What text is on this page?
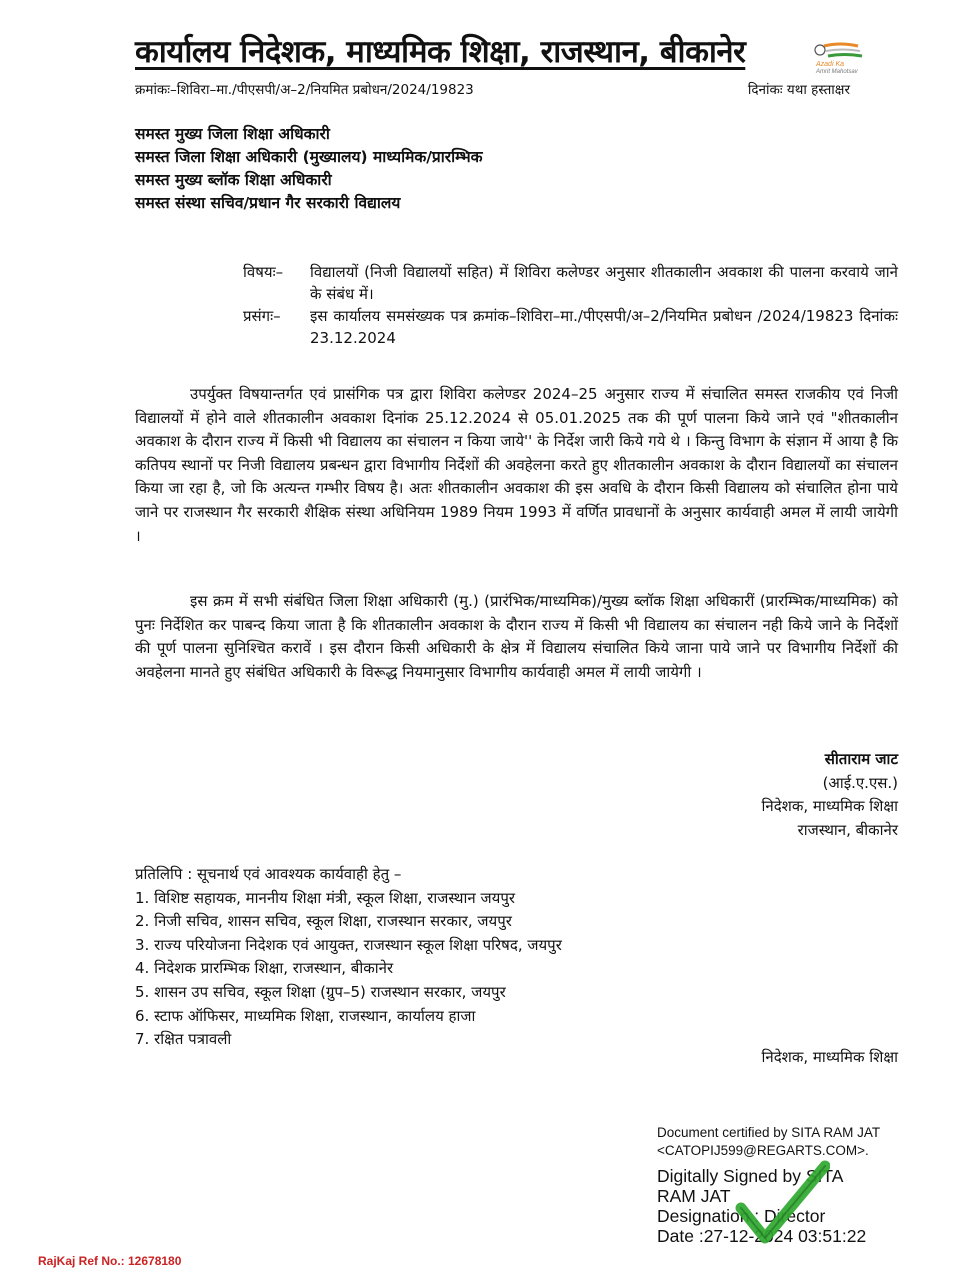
कार्यालय निदेशक, माध्यमिक शिक्षा, राजस्थान, बीकानेर	Azadi Ka
Amrit Mahotsav
क्रमांकः–शिविरा–मा./पीएसपी/अ–2/नियमित प्रबोधन/2024/19823	दिनांकः यथा हस्ताक्षर
समस्त मुख्य जिला शिक्षा अधिकारी
समस्त जिला शिक्षा अधिकारी (मुख्यालय) माध्यमिक/प्रारम्भिक
समस्त मुख्य ब्लॉक शिक्षा अधिकारी
समस्त संस्था सचिव/प्रधान गैर सरकारी विद्यालय
विषयः–	विद्यालयों (निजी विद्यालयों सहित) में शिविरा कलेण्डर अनुसार शीतकालीन अवकाश की पालना करवाये जाने के संबंध में।
प्रसंगः–	इस कार्यालय समसंख्यक पत्र क्रमांक–शिविरा–मा./पीएसपी/अ–2/नियमित प्रबोधन /2024/19823 दिनांकः 23.12.2024
उपर्युक्त विषयान्तर्गत एवं प्रासंगिक पत्र द्वारा शिविरा कलेण्डर 2024–25 अनुसार राज्य में संचालित समस्त राजकीय एवं निजी विद्यालयों में होने वाले शीतकालीन अवकाश दिनांक 25.12.2024 से 05.01.2025 तक की पूर्ण पालना किये जाने एवं "शीतकालीन अवकाश के दौरान राज्य में किसी भी विद्यालय का संचालन न किया जाये'' के निर्देश जारी किये गये थे । किन्तु विभाग के संज्ञान में आया है कि कतिपय स्थानों पर निजी विद्यालय प्रबन्धन द्वारा विभागीय निर्देशों की अवहेलना करते हुए शीतकालीन अवकाश के दौरान विद्यालयों का संचालन किया जा रहा है, जो कि अत्यन्त गम्भीर विषय है। अतः शीतकालीन अवकाश की इस अवधि के दौरान किसी विद्यालय को संचालित होना पाये जाने पर राजस्थान गैर सरकारी शैक्षिक संस्था अधिनियम 1989 नियम 1993 में वर्णित प्रावधानों के अनुसार कार्यवाही अमल में लायी जायेगी ।
इस क्रम में सभी संबंधित जिला शिक्षा अधिकारी (मु.) (प्रारंभिक/माध्यमिक)/मुख्य ब्लॉक शिक्षा अधिकारीं (प्रारम्भिक/माध्यमिक) को पुनः निर्देशित कर पाबन्द किया जाता है कि शीतकालीन अवकाश के दौरान राज्य में किसी भी विद्यालय का संचालन नही किये जाने के निर्देशों की पूर्ण पालना सुनिश्चित करावें । इस दौरान किसी अधिकारी के क्षेत्र में विद्यालय संचालित किये जाना पाये जाने पर विभागीय निर्देशों की अवहेलना मानते हुए संबंधित अधिकारी के विरूद्ध नियमानुसार विभागीय कार्यवाही अमल में लायी जायेगी ।
सीताराम जाट
(आई.ए.एस.)
निदेशक, माध्यमिक शिक्षा
राजस्थान, बीकानेर
प्रतिलिपि : सूचनार्थ एवं आवश्यक कार्यवाही हेतु –
1. विशिष्ट सहायक, माननीय शिक्षा मंत्री, स्कूल शिक्षा, राजस्थान जयपुर
2. निजी सचिव, शासन सचिव, स्कूल शिक्षा, राजस्थान सरकार, जयपुर
3. राज्य परियोजना निदेशक एवं आयुक्त, राजस्थान स्कूल शिक्षा परिषद, जयपुर
4. निदेशक प्रारम्भिक शिक्षा, राजस्थान, बीकानेर
5. शासन उप सचिव, स्कूल शिक्षा (ग्रुप–5) राजस्थान सरकार, जयपुर
6. स्टाफ ऑफिसर, माध्यमिक शिक्षा, राजस्थान, कार्यालय हाजा
7. रक्षित पत्रावली
निदेशक, माध्यमिक शिक्षा
Document certified by SITA RAM JAT
<CATOPIJ599@REGARTS.COM>.
Digitally Signed by SITA
RAM JAT
Designation : Director
Date :27-12-2024 03:51:22
RajKaj Ref No.: 12678180
